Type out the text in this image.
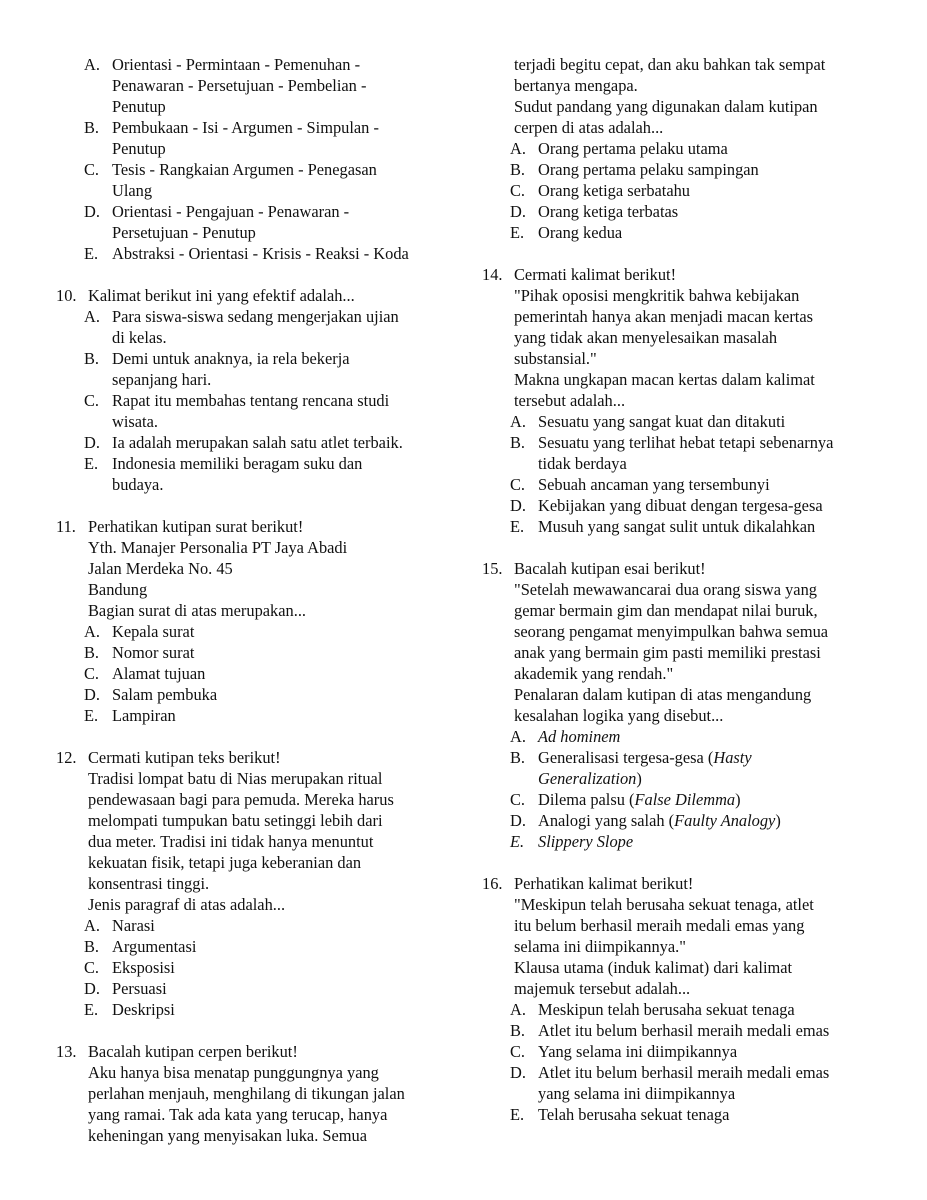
A. Orientasi - Permintaan - Pemenuhan -
Penawaran - Persetujuan - Pembelian -
Penutup
B. Pembukaan - Isi - Argumen - Simpulan -
Penutup
C. Tesis - Rangkaian Argumen - Penegasan
Ulang
D. Orientasi - Pengajuan - Penawaran -
Persetujuan - Penutup
E. Abstraksi - Orientasi - Krisis - Reaksi - Koda
10. Kalimat berikut ini yang efektif adalah...
A. Para siswa-siswa sedang mengerjakan ujian
di kelas.
B. Demi untuk anaknya, ia rela bekerja
sepanjang hari.
C. Rapat itu membahas tentang rencana studi
wisata.
D. Ia adalah merupakan salah satu atlet terbaik.
E. Indonesia memiliki beragam suku dan
budaya.
11. Perhatikan kutipan surat berikut!
Yth. Manajer Personalia PT Jaya Abadi
Jalan Merdeka No. 45
Bandung
Bagian surat di atas merupakan...
A. Kepala surat
B. Nomor surat
C. Alamat tujuan
D. Salam pembuka
E. Lampiran
12. Cermati kutipan teks berikut!
Tradisi lompat batu di Nias merupakan ritual
pendewasaan bagi para pemuda. Mereka harus
melompati tumpukan batu setinggi lebih dari
dua meter. Tradisi ini tidak hanya menuntut
kekuatan fisik, tetapi juga keberanian dan
konsentrasi tinggi.
Jenis paragraf di atas adalah...
A. Narasi
B. Argumentasi
C. Eksposisi
D. Persuasi
E. Deskripsi
13. Bacalah kutipan cerpen berikut!
Aku hanya bisa menatap punggungnya yang
perlahan menjauh, menghilang di tikungan jalan
yang ramai. Tak ada kata yang terucap, hanya
keheningan yang menyisakan luka. Semua
terjadi begitu cepat, dan aku bahkan tak sempat
bertanya mengapa.
Sudut pandang yang digunakan dalam kutipan
cerpen di atas adalah...
A. Orang pertama pelaku utama
B. Orang pertama pelaku sampingan
C. Orang ketiga serbatahu
D. Orang ketiga terbatas
E. Orang kedua
14. Cermati kalimat berikut!
"Pihak oposisi mengkritik bahwa kebijakan
pemerintah hanya akan menjadi macan kertas
yang tidak akan menyelesaikan masalah
substansial."
Makna ungkapan macan kertas dalam kalimat
tersebut adalah...
A. Sesuatu yang sangat kuat dan ditakuti
B. Sesuatu yang terlihat hebat tetapi sebenarnya
tidak berdaya
C. Sebuah ancaman yang tersembunyi
D. Kebijakan yang dibuat dengan tergesa-gesa
E. Musuh yang sangat sulit untuk dikalahkan
15. Bacalah kutipan esai berikut!
"Setelah mewawancarai dua orang siswa yang
gemar bermain gim dan mendapat nilai buruk,
seorang pengamat menyimpulkan bahwa semua
anak yang bermain gim pasti memiliki prestasi
akademik yang rendah."
Penalaran dalam kutipan di atas mengandung
kesalahan logika yang disebut...
A. Ad hominem
B. Generalisasi tergesa-gesa (Hasty
Generalization)
C. Dilema palsu (False Dilemma)
D. Analogi yang salah (Faulty Analogy)
E. Slippery Slope
16. Perhatikan kalimat berikut!
"Meskipun telah berusaha sekuat tenaga, atlet
itu belum berhasil meraih medali emas yang
selama ini diimpikannya."
Klausa utama (induk kalimat) dari kalimat
majemuk tersebut adalah...
A. Meskipun telah berusaha sekuat tenaga
B. Atlet itu belum berhasil meraih medali emas
C. Yang selama ini diimpikannya
D. Atlet itu belum berhasil meraih medali emas
yang selama ini diimpikannya
E. Telah berusaha sekuat tenaga
